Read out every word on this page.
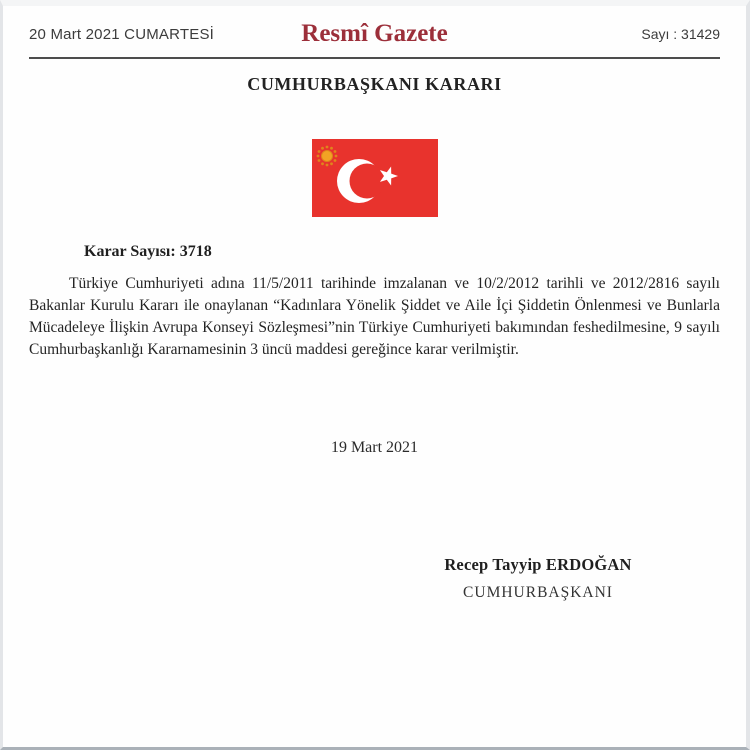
20 Mart 2021 CUMARTESİ	Resmî Gazete	Sayı : 31429
CUMHURBAŞKANI KARARI
Karar Sayısı: 3718

Türkiye Cumhuriyeti adına 11/5/2011 tarihinde imzalanan ve 10/2/2012 tarihli ve 2012/2816 sayılı Bakanlar Kurulu Kararı ile onaylanan “Kadınlara Yönelik Şiddet ve Aile İçi Şiddetin Önlenmesi ve Bunlarla Mücadeleye İlişkin Avrupa Konseyi Sözleşmesi”nin Türkiye Cumhuriyeti bakımından feshedilmesine, 9 sayılı Cumhurbaşkanlığı Kararnamesinin 3 üncü maddesi gereğince karar verilmiştir.

19 Mart 2021
Recep Tayyip ERDOĞAN
CUMHURBAŞKANI
